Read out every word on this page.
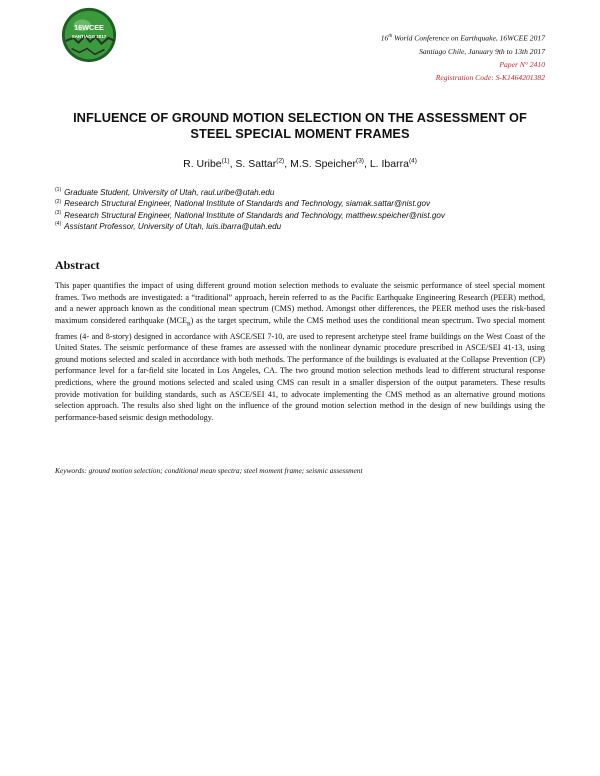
16WCEE
SANTIAGO 2017	16th World Conference on Earthquake, 16WCEE 2017
Santiago Chile, January 9th to 13th 2017
Paper N° 2410
Registration Code: S-K1464201382
INFLUENCE OF GROUND MOTION SELECTION ON THE ASSESSMENT OF
STEEL SPECIAL MOMENT FRAMES
R. Uribe$^{(1)}$, S. Sattar$^{(2)}$, M.S. Speicher$^{(3)}$, L. Ibarra$^{(4)}$
$^{(1)}$ Graduate Student, University of Utah, raul.uribe@utah.edu
$^{(2)}$ Research Structural Engineer, National Institute of Standards and Technology, siamak.sattar@nist.gov
$^{(3)}$ Research Structural Engineer, National Institute of Standards and Technology, matthew.speicher@nist.gov
$^{(4)}$ Assistant Professor, University of Utah, luis.ibarra@utah.edu
Abstract
This paper quantifies the impact of using different ground motion selection methods to evaluate the seismic performance of steel special moment frames. Two methods are investigated: a “traditional” approach, herein referred to as the Pacific Earthquake Engineering Research (PEER) method, and a newer approach known as the conditional mean spectrum (CMS) method. Amongst other differences, the PEER method uses the risk-based maximum considered earthquake $(MCE_R)$ as the target spectrum, while the CMS method uses the conditional mean spectrum. Two special moment frames (4- and 8-story) designed in accordance with ASCE/SEI 7-10, are used to represent archetype steel frame buildings on the West Coast of the United States. The seismic performance of these frames are assessed with the nonlinear dynamic procedure prescribed in ASCE/SEI 41-13, using ground motions selected and scaled in accordance with both methods. The performance of the buildings is evaluated at the Collapse Prevention (CP) performance level for a far-field site located in Los Angeles, CA. The two ground motion selection methods lead to different structural response predictions, where the ground motions selected and scaled using CMS can result in a smaller dispersion of the output parameters. These results provide motivation for building standards, such as ASCE/SEI 41, to advocate implementing the CMS method as an alternative ground motions selection approach. The results also shed light on the influence of the ground motion selection method in the design of new buildings using the performance-based seismic design methodology.
Keywords: ground motion selection; conditional mean spectra; steel moment frame; seismic assessment
